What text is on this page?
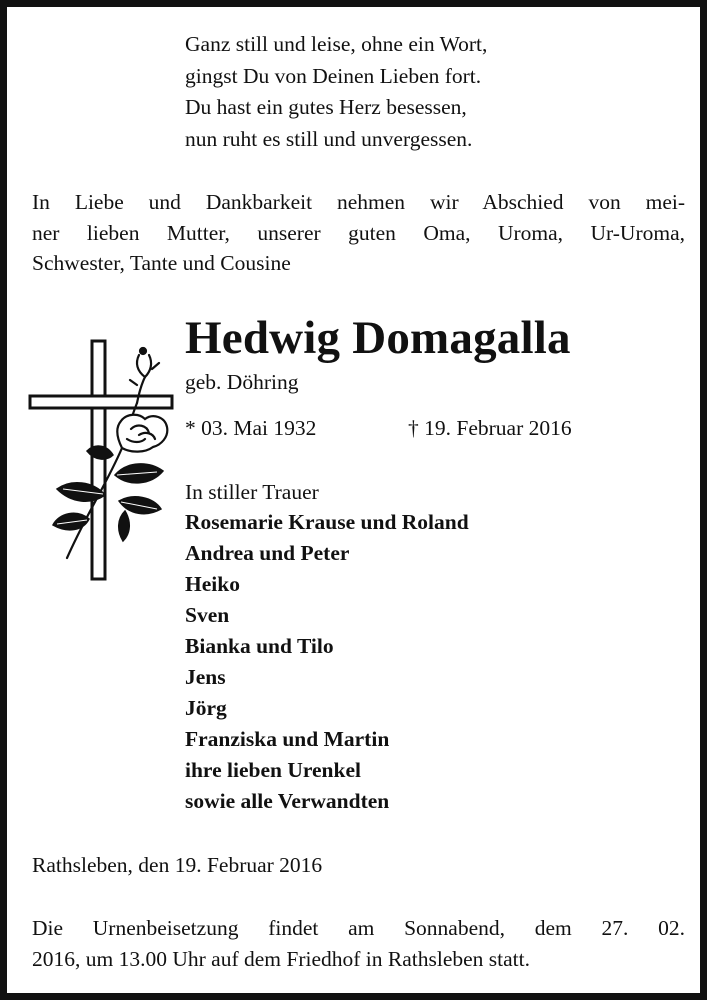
Ganz still und leise, ohne ein Wort,
gingst Du von Deinen Lieben fort.
Du hast ein gutes Herz besessen,
nun ruht es still und unvergessen.
In Liebe und Dankbarkeit nehmen wir Abschied von mei-
ner lieben Mutter, unserer guten Oma, Uroma, Ur-Uroma,
Schwester, Tante und Cousine
Hedwig Domagalla
geb. Döhring
* 03. Mai 1932	† 19. Februar 2016
In stiller Trauer
Rosemarie Krause und Roland
Andrea und Peter
Heiko
Sven
Bianka und Tilo
Jens
Jörg
Franziska und Martin
ihre lieben Urenkel
sowie alle Verwandten
Rathsleben, den 19. Februar 2016
Die Urnenbeisetzung findet am Sonnabend, dem 27. 02.
2016, um 13.00 Uhr auf dem Friedhof in Rathsleben statt.
